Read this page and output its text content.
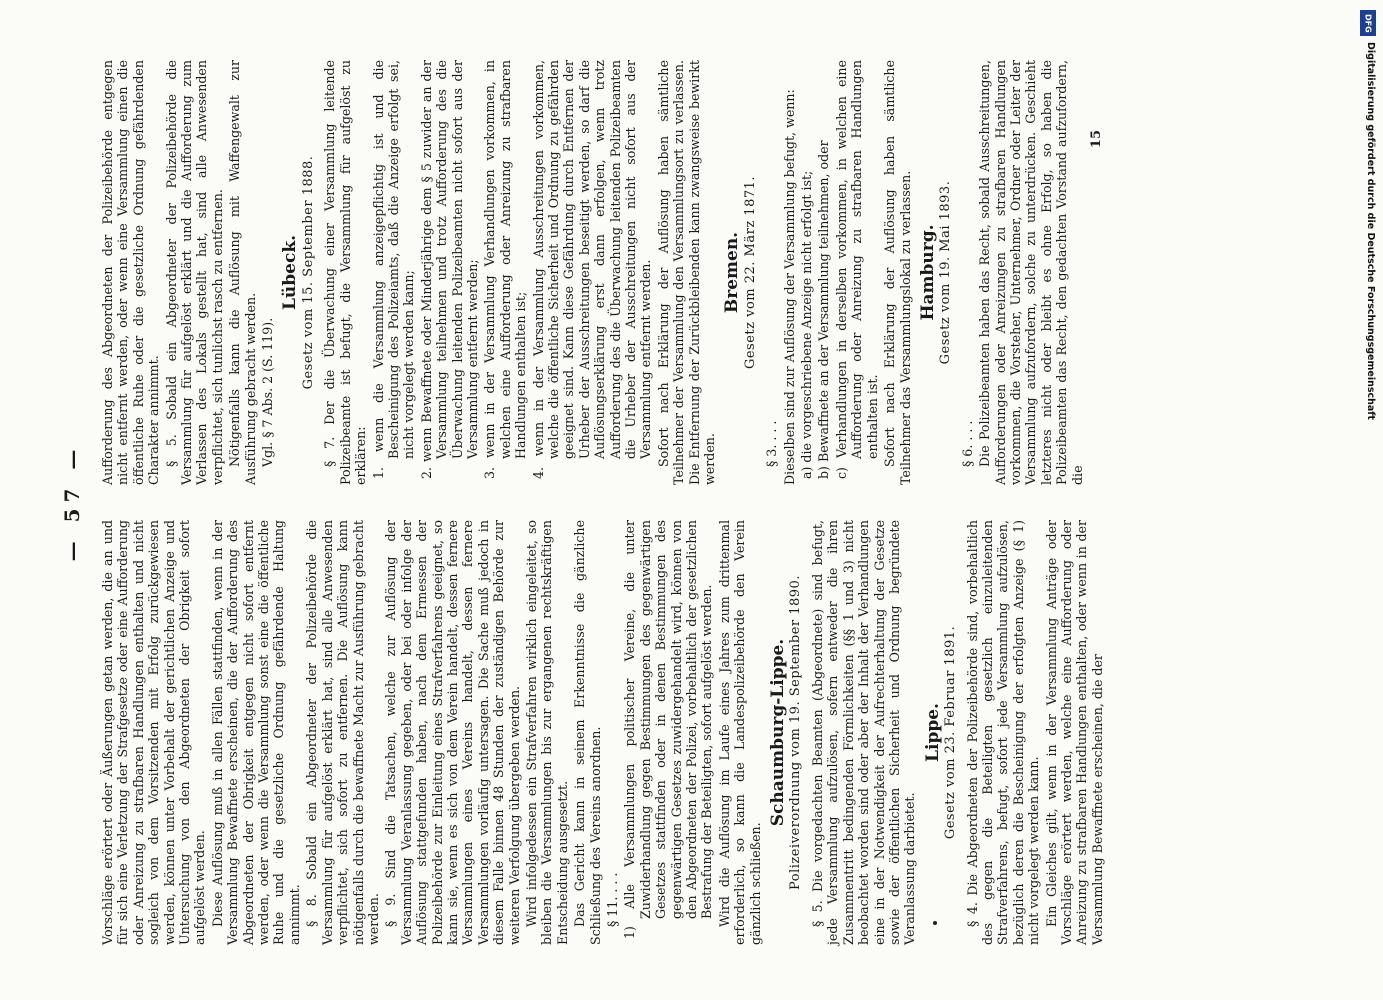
— 57 —

Vorschläge erörtert oder Äußerungen getan werden, die an und für sich eine Verletzung der Strafgesetze oder eine Aufforderung oder Anreizung zu strafbaren Handlungen enthalten und nicht sogleich von dem Vorsitzenden mit Erfolg zurückgewiesen werden, können unter Vorbehalt der gerichtlichen Anzeige und Untersuchung von den Abgeordneten der Obrigkeit sofort aufgelöst werden. Diese Auflösung muß in allen Fällen stattfinden, wenn in der Versammlung Bewaffnete erscheinen, die der Aufforderung des Abgeordneten der Obrigkeit entgegen nicht sofort entfernt werden, oder wenn die Versammlung sonst eine die öffentliche Ruhe und die gesetzliche Ordnung gefährdende Haltung annimmt. § 8. Sobald ein Abgeordneter der Polizeibehörde die Versammlung für aufgelöst erklärt hat, sind alle Anwesenden verpflichtet, sich sofort zu entfernen. Die Auflösung kann nötigenfalls durch die bewaffnete Macht zur Ausführung gebracht werden. § 9. Sind die Tatsachen, welche zur Auflösung der Versammlung Veranlassung gegeben, oder bei oder infolge der Auflösung stattgefunden haben, nach dem Ermessen der Polizeibehörde zur Einleitung eines Strafverfahrens geeignet, so kann sie, wenn es sich von dem Verein handelt, dessen fernere Versammlungen eines Vereins handelt, dessen fernere Versammlungen vorläufig untersagen. Die Sache muß jedoch in diesem Falle binnen 48 Stunden der zuständigen Behörde zur weiteren Verfolgung übergeben werden. Wird infolgedessen ein Strafverfahren wirklich eingeleitet, so bleiben die Versammlungen bis zur ergangenen rechtskräftigen Entscheidung ausgesetzt. Das Gericht kann in seinem Erkenntnisse die gänzliche Schließung des Vereins anordnen. § 11. . . . 1) Alle Versammlungen politischer Vereine, die unter Zuwiderhandlung gegen Bestimmungen des gegenwärtigen Gesetzes stattfinden oder in denen Bestimmungen des gegenwärtigen Gesetzes zuwidergehandelt wird, können von den Abgeordneten der Polizei, vorbehaltlich der gesetzlichen Bestrafung der Beteiligten, sofort aufgelöst werden. Wird die Auflösung im Laufe eines Jahres zum drittenmal erforderlich, so kann die Landespolizeibehörde den Verein gänzlich schließen.

Schaumburg-Lippe. Polizeiverordnung vom 19. September 1890. § 5. Die vorgedachten Beamten (Abgeordnete) sind befugt, jede Versammlung aufzulösen, sofern entweder die ihren Zusammentritt bedingenden Förmlichkeiten (§§ 1 und 3) nicht beobachtet worden sind oder aber der Inhalt der Verhandlungen eine in der Notwendigkeit der Aufrechterhaltung der Gesetze sowie der öffentlichen Sicherheit und Ordnung begründete Veranlassung darbietet.

Lippe. Gesetz vom 23. Februar 1891. § 4. Die Abgeordneten der Polizeibehörde sind, vorbehaltlich des gegen die Beteiligten gesetzlich einzuleitenden Strafverfahrens, befugt, sofort jede Versammlung aufzulösen, bezüglich deren die Bescheinigung der erfolgten Anzeige (§ 1) nicht vorgelegt werden kann. Ein Gleiches gilt, wenn in der Versammlung Anträge oder Vorschläge erörtert werden, welche eine Aufforderung oder Anreizung zu strafbaren Handlungen enthalten, oder wenn in der Versammlung Bewaffnete erscheinen, die der

Aufforderung des Abgeordneten der Polizeibehörde entgegen nicht entfernt werden, oder wenn eine Versammlung einen die öffentliche Ruhe oder die gesetzliche Ordnung gefährdenden Charakter annimmt. § 5. Sobald ein Abgeordneter der Polizeibehörde die Versammlung für aufgelöst erklärt und die Aufforderung zum Verlassen des Lokals gestellt hat, sind alle Anwesenden verpflichtet, sich tunlichst rasch zu entfernen. Nötigenfalls kann die Auflösung mit Waffengewalt zur Ausführung gebracht werden. Vgl. § 7 Abs. 2 (S. 119).

Lübeck. Gesetz vom 15. September 1888. § 7. Der die Überwachung einer Versammlung leitende Polizeibeamte ist befugt, die Versammlung für aufgelöst zu erklären: 1. wenn die Versammlung anzeigepflichtig ist und die Bescheinigung des Polizeiamts, daß die Anzeige erfolgt sei, nicht vorgelegt werden kann; 2. wenn Bewaffnete oder Minderjährige dem § 5 zuwider an der Versammlung teilnehmen und trotz Aufforderung des die Überwachung leitenden Polizeibeamten nicht sofort aus der Versammlung entfernt werden; 3. wenn in der Versammlung Verhandlungen vorkommen, in welchen eine Aufforderung oder Anreizung zu strafbaren Handlungen enthalten ist; 4. wenn in der Versammlung Ausschreitungen vorkommen, welche die öffentliche Sicherheit und Ordnung zu gefährden geeignet sind. Kann diese Gefährdung durch Entfernen der Urheber der Ausschreitungen beseitigt werden, so darf die Auflösungserklärung erst dann erfolgen, wenn trotz Aufforderung des die Überwachung leitenden Polizeibeamten die Urheber der Ausschreitungen nicht sofort aus der Versammlung entfernt werden. Sofort nach Erklärung der Auflösung haben sämtliche Teilnehmer der Versammlung den Versammlungsort zu verlassen. Die Entfernung der Zurückbleibenden kann zwangsweise bewirkt werden.

Bremen. Gesetz vom 22. März 1871.

§ 3. . . . Dieselben sind zur Auflösung der Versammlung befugt, wenn: a) die vorgeschriebene Anzeige nicht erfolgt ist; b) Bewaffnete an der Versammlung teilnehmen, oder c) Verhandlungen in derselben vorkommen, in welchen eine Aufforderung oder Anreizung zu strafbaren Handlungen enthalten ist. Sofort nach Erklärung der Auflösung haben sämtliche Teilnehmer das Versammlungslokal zu verlassen. Hamburg. Gesetz vom 19. Mai 1893.

§ 6. . . . Die Polizeibeamten haben das Recht, sobald Ausschreitungen, Aufforderungen oder Anreizungen zu strafbaren Handlungen vorkommen, die Vorsteher, Unternehmer, Ordner oder Leiter der Versammlung aufzufordern, solche zu unterdrücken. Geschieht letzteres nicht oder bleibt es ohne Erfolg, so haben die Polizeibeamten das Recht, den gedachten Vorstand aufzufordern, die

15
DFG
Digitalisierung gefördert durch die Deutsche Forschungsgemeinschaft
